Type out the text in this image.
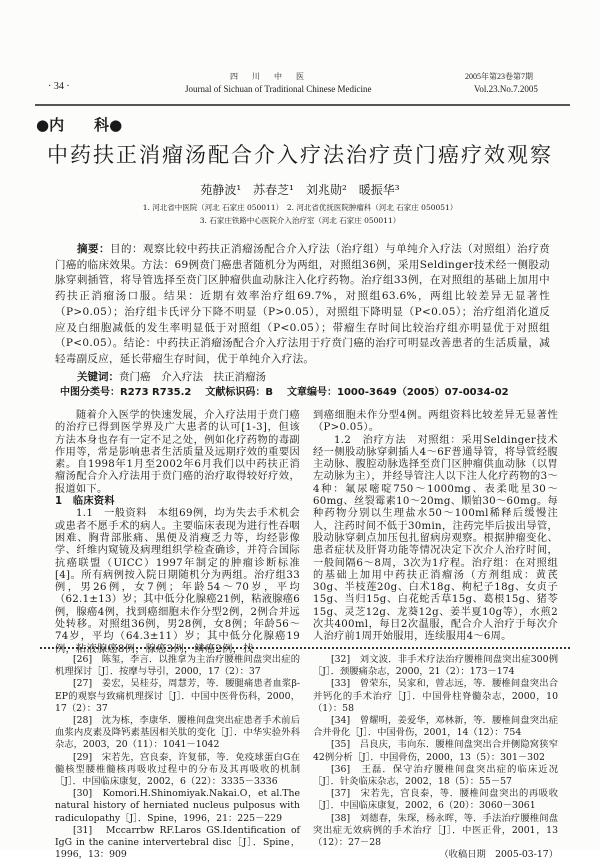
· 34 ·
四 川 中 医
Journal of Sichuan of Traditional Chinese Medicine
2005年第23卷第7期
Vol.23.No.7.2005
●内　　科●
中药扶正消瘤汤配合介入疗法治疗贲门癌疗效观察
苑静波¹　苏春芝¹　刘兆勋²　暖振华³
1. 河北省中医院（河北 石家庄 050011）　2. 河北省优抚医院肿瘤科（河北 石家庄 050051）
3. 石家庄铁路中心医院介入治疗室（河北 石家庄 050011）
摘要：目的：观察比较中药扶正消瘤汤配合介入疗法（治疗组）与单纯介入疗法（对照组）治疗贲门癌的临床效果。方法：69例贲门癌患者随机分为两组，对照组36例，采用Seldinger技术经一侧股动脉穿刺插管，将导管选择至贲门区肿瘤供血动脉注入化疗药物。治疗组33例，在对照组的基础上加用中药扶正消瘤汤口服。结果：近期有效率治疗组69.7%，对照组63.6%，两组比较差异无显著性（P>0.05）；治疗组卡氏评分下降不明显（P>0.05），对照组下降明显（P<0.05）；治疗组消化道反应及白细胞减低的发生率明显低于对照组（P<0.05）；带瘤生存时间比较治疗组亦明显优于对照组（P<0.05）。结论：中药扶正消瘤汤配合介入疗法用于疗贲门癌的治疗可明显改善患者的生活质量，减轻毒副反应，延长带瘤生存时间，优于单纯介入疗法。
关键词：贲门癌　介入疗法　扶正消瘤汤
中图分类号：R273 R735.2 文献标识码：B 文章编号：1000-3649（2005）07-0034-02

随着介入医学的快速发展，介入疗法用于贲门癌的治疗已得到医学界及广大患者的认可[1-3]，但该方法本身也存有一定不足之处，例如化疗药物的毒副作用等，常是影响患者生活质量及远期疗效的重要因素。自1998年1月至2002年6月我们以中药扶正消瘤汤配合介入疗法用于贲门癌的治疗取得较好疗效，报道如下。

1　临床资料

1.1　一般资料　本组69例，均为失去手术机会或患者不愿手术的病人。主要临床表现为进行性吞咽困难、胸背部胀痛、黑便及消瘦乏力等，均经影像学、纤维内窥镜及病理组织学检查确诊，并符合国际抗癌联盟（UICC）1997年制定的肿瘤诊断标准[4]。所有病例按入院日期随机分为两组。治疗组33例，男26例，女7例；年龄54～70岁，平均（62.1±13）岁；其中低分化腺癌21例，粘液腺癌6例，腺癌4例，找到癌细胞未作分型2例，2例合并远处转移。对照组36例，男28例，女8例；年龄56～74岁，平均（64.3±11）岁；其中低分化腺癌19例，粘液腺癌8例，腺癌3例，鳞癌2例，找

到癌细胞未作分型4例。两组资料比较差异无显著性（P>0.05）。

1.2　治疗方法　对照组：采用Seldinger技术经一侧股动脉穿刺插人4～6F普通导管，将导管经腹主动脉、腹腔动脉选择至贲门区肿瘤供血动脉（以胃左动脉为主），并经导管注人以下注人化疗药物的3～4种：氟尿嘧啶750～1000mg、表柔吡星30～60mg、丝裂霉素10～20mg、顺铂30～60mg。每种药物分别以生理盐水50～100ml稀释后缓慢注人，注药时间不低于30min，注药完毕后拔出导管，股动脉穿刺点加压包扎留病房观察。根据肿瘤变化、患者症状及肝肾功能等情况决定下次介人治疗时间，一般间隔6～8周，3次为1疗程。治疗组：在对照组的基础上加用中药扶正消瘤汤（方剂组成：黄芪30g、半枝莲20g、白术18g、枸杞子18g、女贞子15g、当归15g、白花蛇舌草15g、葛根15g、猪苓15g、灵芝12g、龙葵12g、姜半夏10g等），水煎2次共400ml，每日2次温服，配合介人治疗于每次介人治疗前1周开始服用，连续服用4～6周。

[26]　陈玺，李言．以推拿为主治疗腰椎间盘突出症的机理探讨［J］．按摩与导引，2000，17（2）：37

[27]　姜宏，吴桂芬，周慧芳，等．腰腿痛患者血浆β-EP的观察与致痛机理探讨［J］．中国中医骨伤科，2000，17（2）：37

[28]　沈为栋，李康华．腰椎间盘突出症患者手术前后血浆内皮素及降钙素基因相关肽的变化［J］．中华实验外科杂志，2003，20（11）：1041－1042

[29]　宋若先，宫良泰，许复郁，等．免疫球蛋白G在髓核型腰椎髓核再吸收过程中的分布及其再吸收的机制［J］．中国临床康复，2002，6（22）：3335－3336

[30]　Komori.H.Shinomiyak.Nakai.O，et al.The natural history of herniated nucleus pulposus with radiculopathy［J］．Spine，1996，21：225－229

[31]　Mccarrbw RF.Laros GS.Identification of IgG in the canine intervertebral disc［J］．Spine，1996，13：909

[32]　刘文波．非手术疗法治疗腰椎间盘突出症300例［J］．颈腰痛杂志，2000，21（2）：173－174

[33]　曾荣东，吴家和，曾志远，等．腰椎间盘突出合并钙化的手术治疗［J］．中国骨柱脊髓杂志，2000，10（1）：58

[34]　曾耀明，姜爱华，邓林新，等．腰椎间盘突出症合并骨化［J］．中国骨伤，2001，14（12）：754

[35]　吕良庆，韦向东．腰椎间盘突出合并侧隐窝狭窄42例分析［J］．中国骨伤，2000，13（5）：301－302

[36]　王磊．保守治疗腰椎间盘突出症的临床近况［J］．针灸临床杂志，2002，18（5）：55－57

[37]　宋若先，宫良泰，等．腰椎间盘突出的再吸收［J］．中国临床康复，2002，6（20）：3060－3061

[38]　刘德春，朱琛，杨永晖，等．手法治疗腰椎间盘突出症无效病例的手术治疗［J］．中医正骨，2001，13（12）：27－28

（收稿日期　2005-03-17）
